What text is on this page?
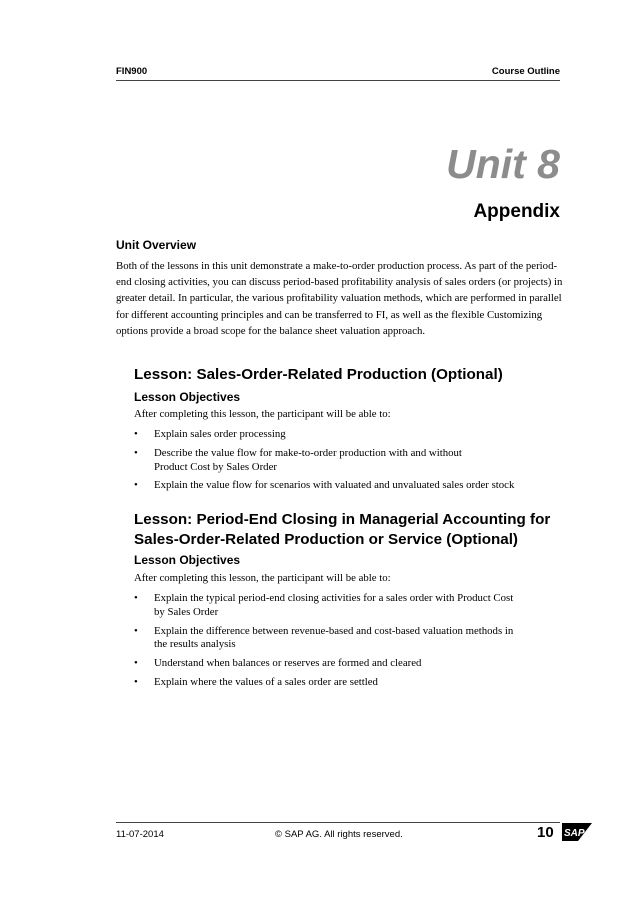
FIN900	Course Outline
Unit 8
Appendix
Unit Overview

Both of the lessons in this unit demonstrate a make-to-order production process. As part of the period-end closing activities, you can discuss period-based profitability analysis of sales orders (or projects) in greater detail. In particular, the various profitability valuation methods, which are performed in parallel for different accounting principles and can be transferred to FI, as well as the flexible Customizing options provide a broad scope for the balance sheet valuation approach.

Lesson: Sales-Order-Related Production (Optional)
Lesson Objectives
After completing this lesson, the participant will be able to:
• Explain sales order processing
• Describe the value flow for make-to-order production with and without Product Cost by Sales Order
• Explain the value flow for scenarios with valuated and unvaluated sales order stock
Lesson: Period-End Closing in Managerial Accounting for Sales-Order-Related Production or Service (Optional)
Lesson Objectives
After completing this lesson, the participant will be able to:
• Explain the typical period-end closing activities for a sales order with Product Cost by Sales Order
• Explain the difference between revenue-based and cost-based valuation methods in the results analysis
• Understand when balances or reserves are formed and cleared
• Explain where the values of a sales order are settled
11-07-2014	© SAP AG. All rights reserved.	10 SAP
